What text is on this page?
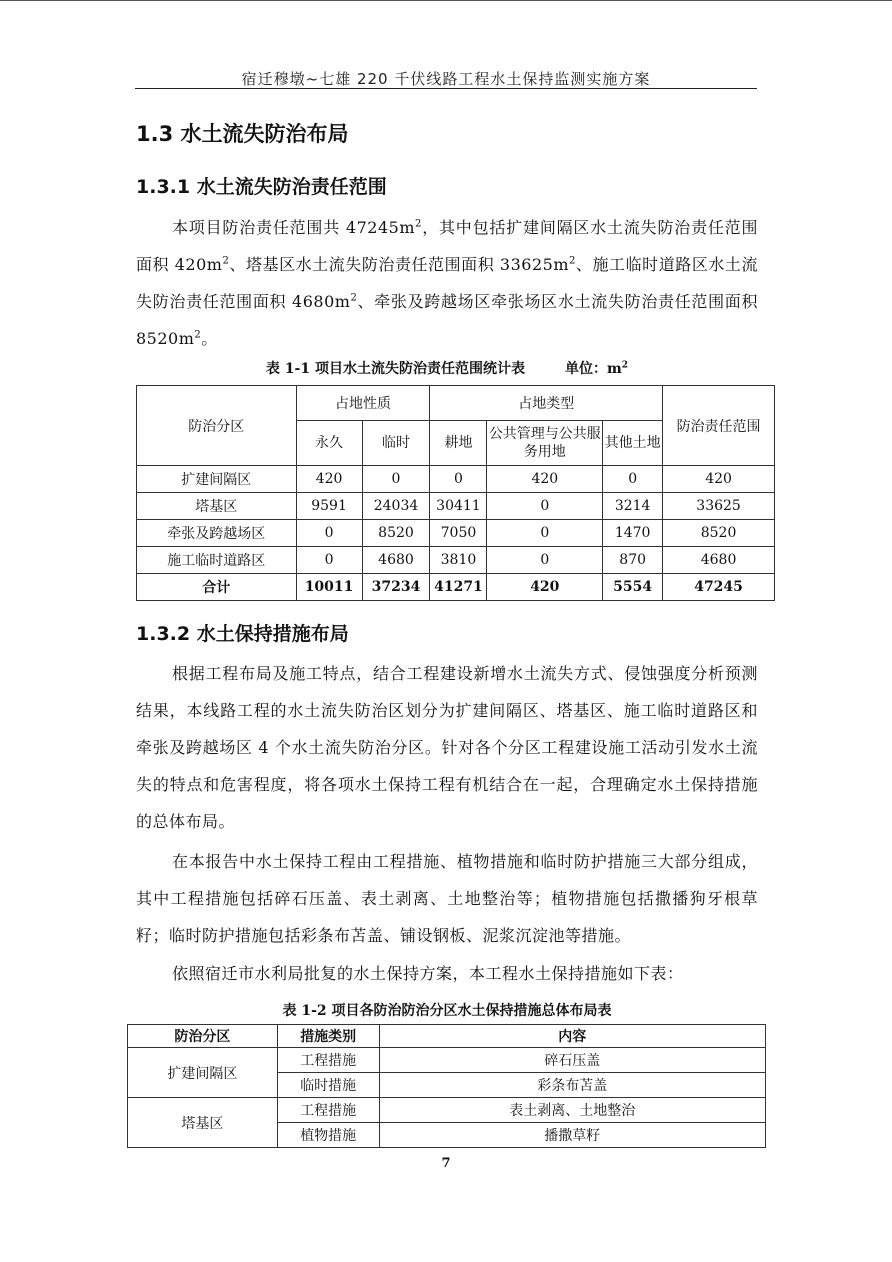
宿迁穆墩~七雄 220 千伏线路工程水土保持监测实施方案
1.3 水土流失防治布局
1.3.1 水土流失防治责任范围
本项目防治责任范围共 $47245m^2$，其中包括扩建间隔区水土流失防治责任范围面积 $420m^2$、塔基区水土流失防治责任范围面积 $33625m^2$、施工临时道路区水土流失防治责任范围面积 $4680m^2$、牵张及跨越场区牵张场区水土流失防治责任范围面积 $8520m^2$。
表 1-1 项目水土流失防治责任范围统计表	单位：$m^2$
防治分区	占地性质		占地类型			防治责任范围
	永久	临时	耕地	公共管理与公共服务用地	其他土地	
扩建间隔区	420	0	0	420	0	420
塔基区	9591	24034	30411	0	3214	33625
牵张及跨越场区	0	8520	7050	0	1470	8520
施工临时道路区	0	4680	3810	0	870	4680
合计	10011	37234	41271	420	5554	47245
1.3.2 水土保持措施布局
根据工程布局及施工特点，结合工程建设新增水土流失方式、侵蚀强度分析预测结果，本线路工程的水土流失防治区划分为扩建间隔区、塔基区、施工临时道路区和牵张及跨越场区 4 个水土流失防治分区。针对各个分区工程建设施工活动引发水土流失的特点和危害程度，将各项水土保持工程有机结合在一起，合理确定水土保持措施的总体布局。
在本报告中水土保持工程由工程措施、植物措施和临时防护措施三大部分组成，其中工程措施包括碎石压盖、表土剥离、土地整治等；植物措施包括撒播狗牙根草籽；临时防护措施包括彩条布苫盖、铺设钢板、泥浆沉淀池等措施。
依照宿迁市水利局批复的水土保持方案，本工程水土保持措施如下表：
表 1-2 项目各防治防治分区水土保持措施总体布局表
防治分区	措施类别	内容
扩建间隔区	工程措施	碎石压盖
	临时措施	彩条布苫盖
塔基区	工程措施	表土剥离、土地整治
	植物措施	播撒草籽
7
